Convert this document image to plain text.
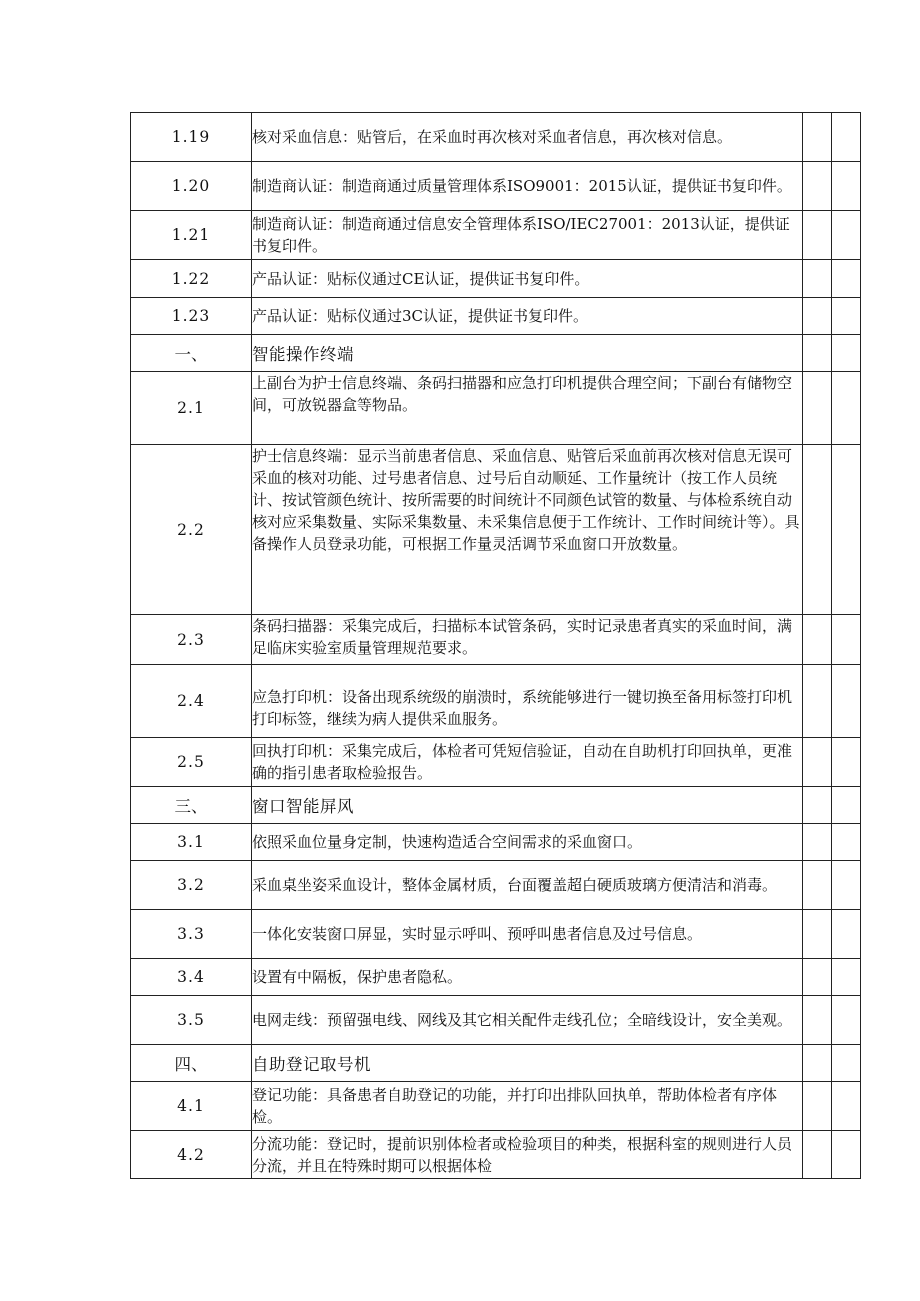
1.19	核对采血信息：贴管后，在采血时再次核对采血者信息，再次核对信息。		
1.20	制造商认证：制造商通过质量管理体系ISO9001：2015认证，提供证书复印件。		
1.21	制造商认证：制造商通过信息安全管理体系ISO/IEC27001：2013认证，提供证书复印件。		
1.22	产品认证：贴标仪通过CE认证，提供证书复印件。		
1.23	产品认证：贴标仪通过3C认证，提供证书复印件。		
一、	智能操作终端		
2.1	上副台为护士信息终端、条码扫描器和应急打印机提供合理空间；下副台有储物空间，可放锐器盒等物品。		
2.2	护士信息终端：显示当前患者信息、采血信息、贴管后采血前再次核对信息无误可采血的核对功能、过号患者信息、过号后自动顺延、工作量统计（按工作人员统计、按试管颜色统计、按所需要的时间统计不同颜色试管的数量、与体检系统自动核对应采集数量、实际采集数量、未采集信息便于工作统计、工作时间统计等）。具备操作人员登录功能，可根据工作量灵活调节采血窗口开放数量。		
2.3	条码扫描器：采集完成后，扫描标本试管条码，实时记录患者真实的采血时间，满足临床实验室质量管理规范要求。		
2.4	应急打印机：设备出现系统级的崩溃时，系统能够进行一键切换至备用标签打印机打印标签，继续为病人提供采血服务。		
2.5	回执打印机：采集完成后，体检者可凭短信验证，自动在自助机打印回执单，更准确的指引患者取检验报告。		
三、	窗口智能屏风		
3.1	依照采血位量身定制，快速构造适合空间需求的采血窗口。		
3.2	采血桌坐姿采血设计，整体金属材质，台面覆盖超白硬质玻璃方便清洁和消毒。		
3.3	一体化安装窗口屏显，实时显示呼叫、预呼叫患者信息及过号信息。		
3.4	设置有中隔板，保护患者隐私。		
3.5	电网走线：预留强电线、网线及其它相关配件走线孔位；全暗线设计，安全美观。		
四、	自助登记取号机		
4.1	登记功能：具备患者自助登记的功能，并打印出排队回执单，帮助体检者有序体检。		
4.2	分流功能：登记时，提前识别体检者或检验项目的种类，根据科室的规则进行人员分流，并且在特殊时期可以根据体检		
